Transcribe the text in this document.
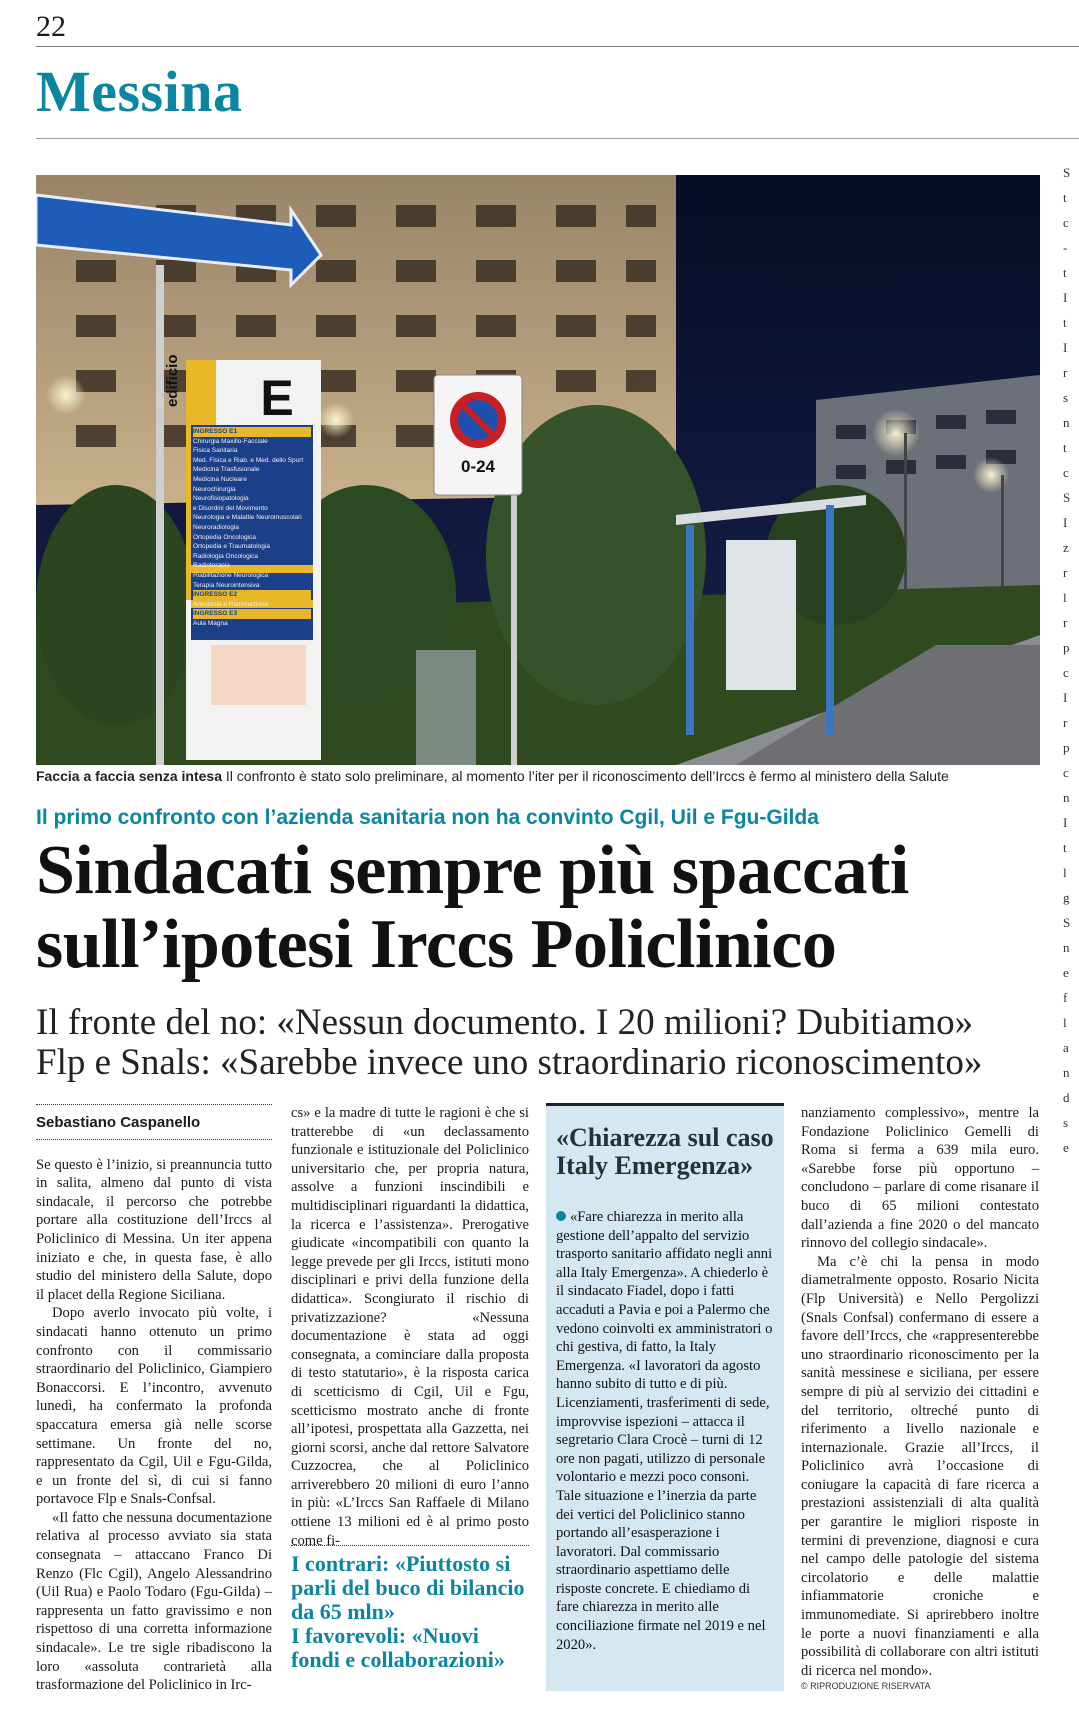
22
Messina
E
edificio
INGRESSO E1
Chirurgia Maxillo-Facciale
Fisica Sanitaria
Med. Fisica e Riab. e Med. dello Sport
Medicina Trasfusionale
Medicina Nucleare
Neurochirurgia
Neurofisiopatologia
e Disordini del Movimento
Neurologia e Malattie Neuromuscolari
Neuroradiologia
Ortopedia Oncologica
Ortopedia e Traumatologia
Radiologia Oncologica
Radioterapia
Riabilitazione Neurologica
Terapia Neurointensiva
INGRESSO E2
Anestesia e Rianimazione
INGRESSO E3
Aula Magna
0-24
Faccia a faccia senza intesa Il confronto è stato solo preliminare, al momento l’iter per il riconoscimento dell’Irccs è fermo al ministero della Salute
Il primo confronto con l’azienda sanitaria non ha convinto Cgil, Uil e Fgu-Gilda
Sindacati sempre più spaccati
sull’ipotesi Irccs Policlinico
Il fronte del no: «Nessun documento. I 20 milioni? Dubitiamo»
Flp e Snals: «Sarebbe invece uno straordinario riconoscimento»
Sebastiano Caspanello

Se questo è l’inizio, si preannuncia tutto in salita, almeno dal punto di vista sindacale, il percorso che potrebbe portare alla costituzione dell’Irccs al Policlinico di Messina. Un iter appena iniziato e che, in questa fase, è allo studio del ministero della Salute, dopo il placet della Regione Siciliana.

Dopo averlo invocato più volte, i sindacati hanno ottenuto un primo confronto con il commissario straordinario del Policlinico, Giampiero Bonaccorsi. E l’incontro, avvenuto lunedì, ha confermato la profonda spaccatura emersa già nelle scorse settimane. Un fronte del no, rappresentato da Cgil, Uil e Fgu-Gilda, e un fronte del sì, di cui si fanno portavoce Flp e Snals-Confsal.

«Il fatto che nessuna documentazione relativa al processo avviato sia stata consegnata – attaccano Franco Di Renzo (Flc Cgil), Angelo Alessandrino (Uil Rua) e Paolo Todaro (Fgu-Gilda) – rappresenta un fatto gravissimo e non rispettoso di una corretta informazione sindacale». Le tre sigle ribadiscono la loro «assoluta contrarietà alla trasformazione del Policlinico in Irc-

cs» e la madre di tutte le ragioni è che si tratterebbe di «un declassamento funzionale e istituzionale del Policlinico universitario che, per propria natura, assolve a funzioni inscindibili e multidisciplinari riguardanti la didattica, la ricerca e l’assistenza». Prerogative giudicate «incompatibili con quanto la legge prevede per gli Irccs, istituti mono disciplinari e privi della funzione della didattica». Scongiurato il rischio di privatizzazione? «Nessuna documentazione è stata ad oggi consegnata, a cominciare dalla proposta di testo statutario», è la risposta carica di scetticismo di Cgil, Uil e Fgu, scetticismo mostrato anche di fronte all’ipotesi, prospettata alla Gazzetta, nei giorni scorsi, anche dal rettore Salvatore Cuzzocrea, che al Policlinico arriverebbero 20 milioni di euro l’anno in più: «L’Irccs San Raffaele di Milano ottiene 13 milioni ed è al primo posto come fi-

I contrari: «Piuttosto si parli del buco di bilancio da 65 mln»
I favorevoli: «Nuovi fondi e collaborazioni»
«Chiarezza sul caso Italy Emergenza»
«Fare chiarezza in merito alla gestione dell’appalto del servizio trasporto sanitario affidato negli anni alla Italy Emergenza». A chiederlo è il sindacato Fiadel, dopo i fatti accaduti a Pavia e poi a Palermo che vedono coinvolti ex amministratori o chi gestiva, di fatto, la Italy Emergenza. «I lavoratori da agosto hanno subito di tutto e di più. Licenziamenti, trasferimenti di sede, improvvise ispezioni – attacca il segretario Clara Crocè – turni di 12 ore non pagati, utilizzo di personale volontario e mezzi poco consoni. Tale situazione e l’inerzia da parte dei vertici del Policlinico stanno portando all’esasperazione i lavoratori. Dal commissario straordinario aspettiamo delle risposte concrete. E chiediamo di fare chiarezza in merito alle conciliazione firmate nel 2019 e nel 2020».

nanziamento complessivo», mentre la Fondazione Policlinico Gemelli di Roma si ferma a 639 mila euro. «Sarebbe forse più opportuno – concludono – parlare di come risanare il buco di 65 milioni contestato dall’azienda a fine 2020 o del mancato rinnovo del collegio sindacale».

Ma c’è chi la pensa in modo diametralmente opposto. Rosario Nicita (Flp Università) e Nello Pergolizzi (Snals Confsal) confermano di essere a favore dell’Irccs, che «rappresenterebbe uno straordinario riconoscimento per la sanità messinese e siciliana, per essere sempre di più al servizio dei cittadini e del territorio, oltreché punto di riferimento a livello nazionale e internazionale. Grazie all’Irccs, il Policlinico avrà l’occasione di coniugare la capacità di fare ricerca a prestazioni assistenziali di alta qualità per garantire le migliori risposte in termini di prevenzione, diagnosi e cura nel campo delle patologie del sistema circolatorio e delle malattie infiammatorie croniche e immunomediate. Si aprirebbero inoltre le porte a nuovi finanziamenti e alla possibilità di collaborare con altri istituti di ricerca nel mondo».

© RIPRODUZIONE RISERVATA
S
t
c
-
t
I
t
I
r
s
n
t
c
S
I
z
r
l
r
p
c
I
r
p
c
n
I
t
l
g
S
n
e
f
l
a
n
d
s
e
